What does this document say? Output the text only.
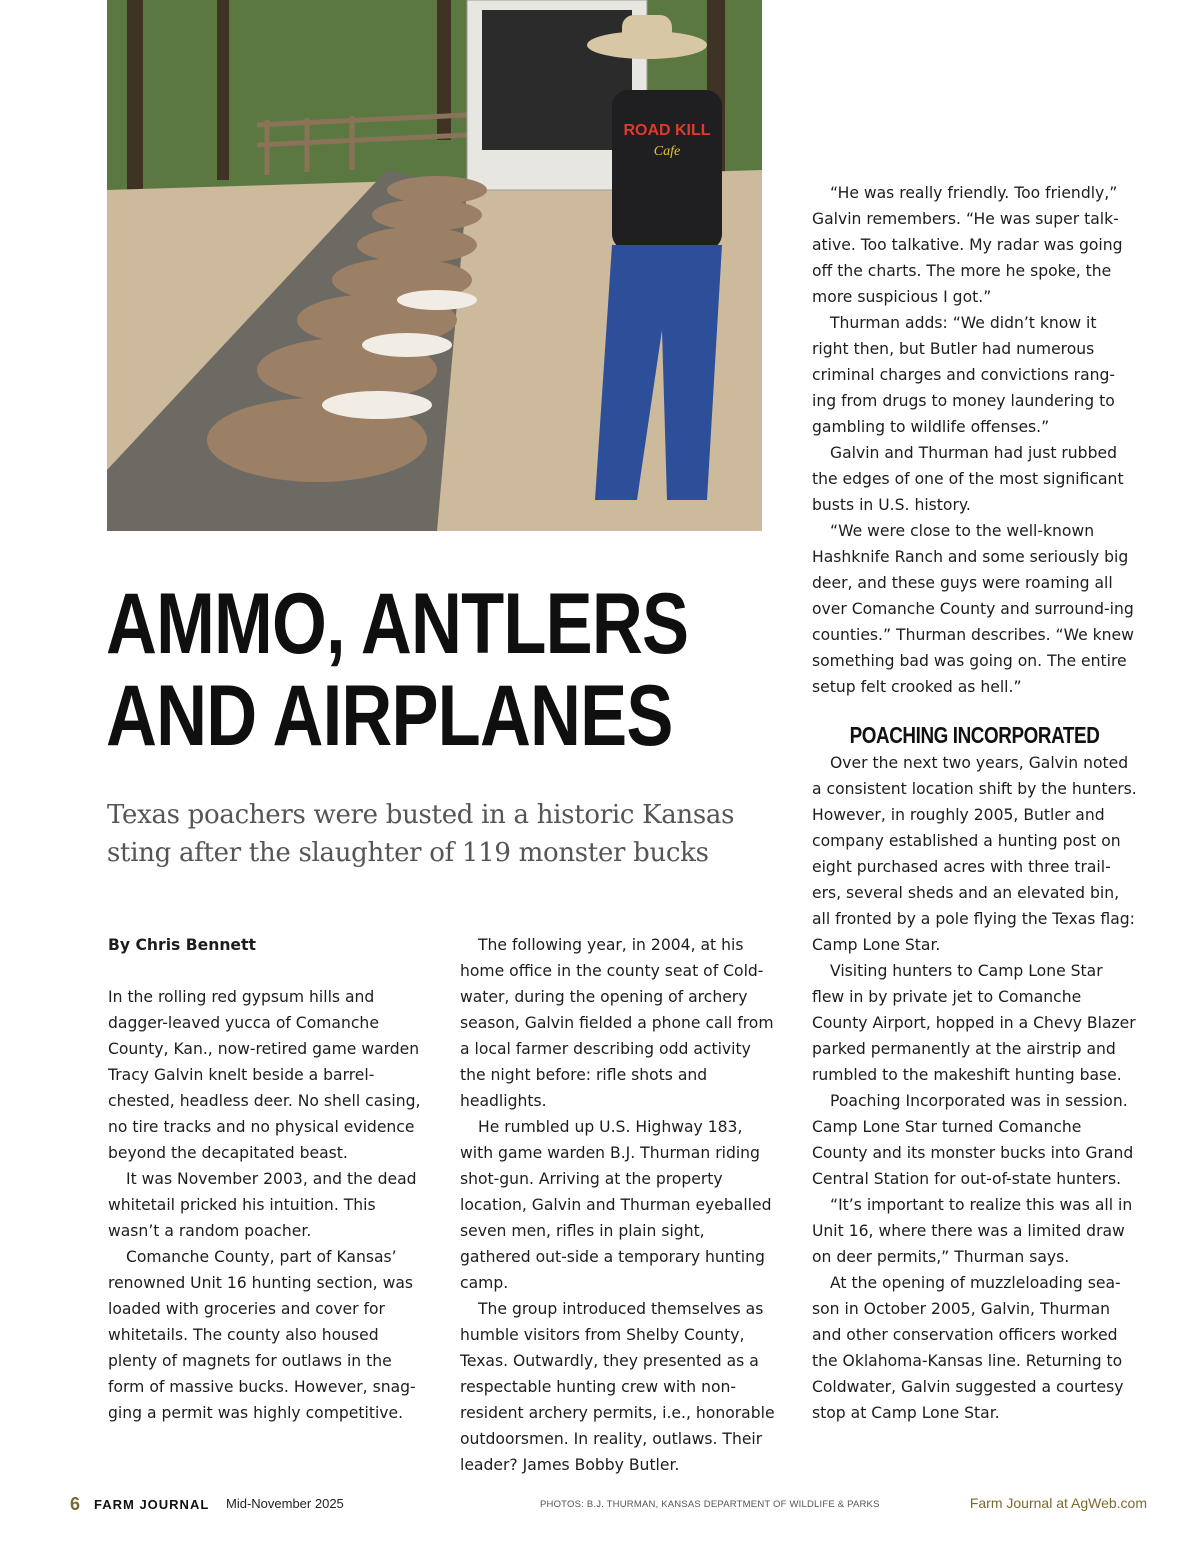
ROAD KILL
Cafe
AMMO, ANTLERS
AND AIRPLANES

Texas poachers were busted in a historic Kansas sting after the slaughter of 119 monster bucks

By Chris Bennett

In the rolling red gypsum hills and dagger-leaved yucca of Comanche County, Kan., now-retired game warden Tracy Galvin knelt beside a barrel-chested, headless deer. No shell casing, no tire tracks and no physical evidence beyond the decapitated beast.

It was November 2003, and the dead whitetail pricked his intuition. This wasn’t a random poacher.

Comanche County, part of Kansas’ renowned Unit 16 hunting section, was loaded with groceries and cover for whitetails. The county also housed plenty of magnets for outlaws in the form of massive bucks. However, snag-ging a permit was highly competitive.

The following year, in 2004, at his home office in the county seat of Cold-water, during the opening of archery season, Galvin fielded a phone call from a local farmer describing odd activity the night before: rifle shots and headlights.

He rumbled up U.S. Highway 183, with game warden B.J. Thurman riding shot-gun. Arriving at the property location, Galvin and Thurman eyeballed seven men, rifles in plain sight, gathered out-side a temporary hunting camp.

The group introduced themselves as humble visitors from Shelby County, Texas. Outwardly, they presented as a respectable hunting crew with non-resident archery permits, i.e., honorable outdoorsmen. In reality, outlaws. Their leader? James Bobby Butler.

“He was really friendly. Too friendly,” Galvin remembers. “He was super talk-ative. Too talkative. My radar was going off the charts. The more he spoke, the more suspicious I got.”

Thurman adds: “We didn’t know it right then, but Butler had numerous criminal charges and convictions rang-ing from drugs to money laundering to gambling to wildlife offenses.”

Galvin and Thurman had just rubbed the edges of one of the most significant busts in U.S. history.

“We were close to the well-known Hashknife Ranch and some seriously big deer, and these guys were roaming all over Comanche County and surround-ing counties.” Thurman describes. “We knew something bad was going on. The entire setup felt crooked as hell.”

POACHING INCORPORATED

Over the next two years, Galvin noted a consistent location shift by the hunters. However, in roughly 2005, Butler and company established a hunting post on eight purchased acres with three trail-ers, several sheds and an elevated bin, all fronted by a pole flying the Texas flag: Camp Lone Star.

Visiting hunters to Camp Lone Star flew in by private jet to Comanche County Airport, hopped in a Chevy Blazer parked permanently at the airstrip and rumbled to the makeshift hunting base.

Poaching Incorporated was in session. Camp Lone Star turned Comanche County and its monster bucks into Grand Central Station for out-of-state hunters.

“It’s important to realize this was all in Unit 16, where there was a limited draw on deer permits,” Thurman says.

At the opening of muzzleloading sea-son in October 2005, Galvin, Thurman and other conservation officers worked the Oklahoma-Kansas line. Returning to Coldwater, Galvin suggested a courtesy stop at Camp Lone Star.

6 FARM JOURNAL Mid-November 2025	PHOTOS: B.J. THURMAN, KANSAS DEPARTMENT OF WILDLIFE & PARKS	Farm Journal at AgWeb.com
